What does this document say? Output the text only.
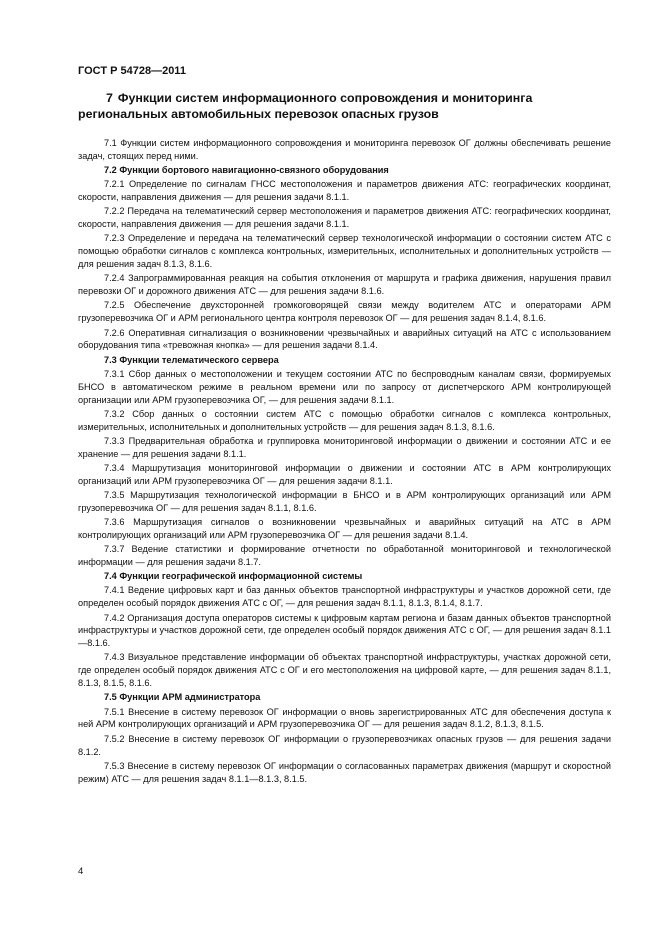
ГОСТ Р 54728—2011

7 Функции систем информационного сопровождения и мониторинга региональных автомобильных перевозок опасных грузов

7.1 Функции систем информационного сопровождения и мониторинга перевозок ОГ должны обеспечивать решение задач, стоящих перед ними.

7.2 Функции бортового навигационно-связного оборудования

7.2.1 Определение по сигналам ГНСС местоположения и параметров движения АТС: географических координат, скорости, направления движения — для решения задачи 8.1.1.

7.2.2 Передача на телематический сервер местоположения и параметров движения АТС: географических координат, скорости, направления движения — для решения задачи 8.1.1.

7.2.3 Определение и передача на телематический сервер технологической информации о состоянии систем АТС с помощью обработки сигналов с комплекса контрольных, измерительных, исполнительных и дополнительных устройств — для решения задач 8.1.3, 8.1.6.

7.2.4 Запрограммированная реакция на события отклонения от маршрута и графика движения, нарушения правил перевозки ОГ и дорожного движения АТС — для решения задачи 8.1.6.

7.2.5 Обеспечение двухсторонней громкоговорящей связи между водителем АТС и операторами АРМ грузоперевозчика ОГ и АРМ регионального центра контроля перевозок ОГ — для решения задач 8.1.4, 8.1.6.

7.2.6 Оперативная сигнализация о возникновении чрезвычайных и аварийных ситуаций на АТС с использованием оборудования типа «тревожная кнопка» — для решения задачи 8.1.4.

7.3 Функции телематического сервера

7.3.1 Сбор данных о местоположении и текущем состоянии АТС по беспроводным каналам связи, формируемых БНСО в автоматическом режиме в реальном времени или по запросу от диспетчерского АРМ контролирующей организации или АРМ грузоперевозчика ОГ, — для решения задачи 8.1.1.

7.3.2 Сбор данных о состоянии систем АТС с помощью обработки сигналов с комплекса контрольных, измерительных, исполнительных и дополнительных устройств — для решения задач 8.1.3, 8.1.6.

7.3.3 Предварительная обработка и группировка мониторинговой информации о движении и состоянии АТС и ее хранение — для решения задачи 8.1.1.

7.3.4 Маршрутизация мониторинговой информации о движении и состоянии АТС в АРМ контролирующих организаций или АРМ грузоперевозчика ОГ — для решения задачи 8.1.1.

7.3.5 Маршрутизация технологической информации в БНСО и в АРМ контролирующих организаций или АРМ грузоперевозчика ОГ — для решения задач 8.1.1, 8.1.6.

7.3.6 Маршрутизация сигналов о возникновении чрезвычайных и аварийных ситуаций на АТС в АРМ контролирующих организаций или АРМ грузоперевозчика ОГ — для решения задачи 8.1.4.

7.3.7 Ведение статистики и формирование отчетности по обработанной мониторинговой и технологической информации — для решения задачи 8.1.7.

7.4 Функции географической информационной системы

7.4.1 Ведение цифровых карт и баз данных объектов транспортной инфраструктуры и участков дорожной сети, где определен особый порядок движения АТС с ОГ, — для решения задач 8.1.1, 8.1.3, 8.1.4, 8.1.7.

7.4.2 Организация доступа операторов системы к цифровым картам региона и базам данных объектов транспортной инфраструктуры и участков дорожной сети, где определен особый порядок движения АТС с ОГ, — для решения задач 8.1.1—8.1.6.

7.4.3 Визуальное представление информации об объектах транспортной инфраструктуры, участках дорожной сети, где определен особый порядок движения АТС с ОГ и его местоположения на цифровой карте, — для решения задач 8.1.1, 8.1.3, 8.1.5, 8.1.6.

7.5 Функции АРМ администратора

7.5.1 Внесение в систему перевозок ОГ информации о вновь зарегистрированных АТС для обеспечения доступа к ней АРМ контролирующих организаций и АРМ грузоперевозчика ОГ — для решения задач 8.1.2, 8.1.3, 8.1.5.

7.5.2 Внесение в систему перевозок ОГ информации о грузоперевозчиках опасных грузов — для решения задачи 8.1.2.

7.5.3 Внесение в систему перевозок ОГ информации о согласованных параметрах движения (маршрут и скоростной режим) АТС — для решения задач 8.1.1—8.1.3, 8.1.5.

4
